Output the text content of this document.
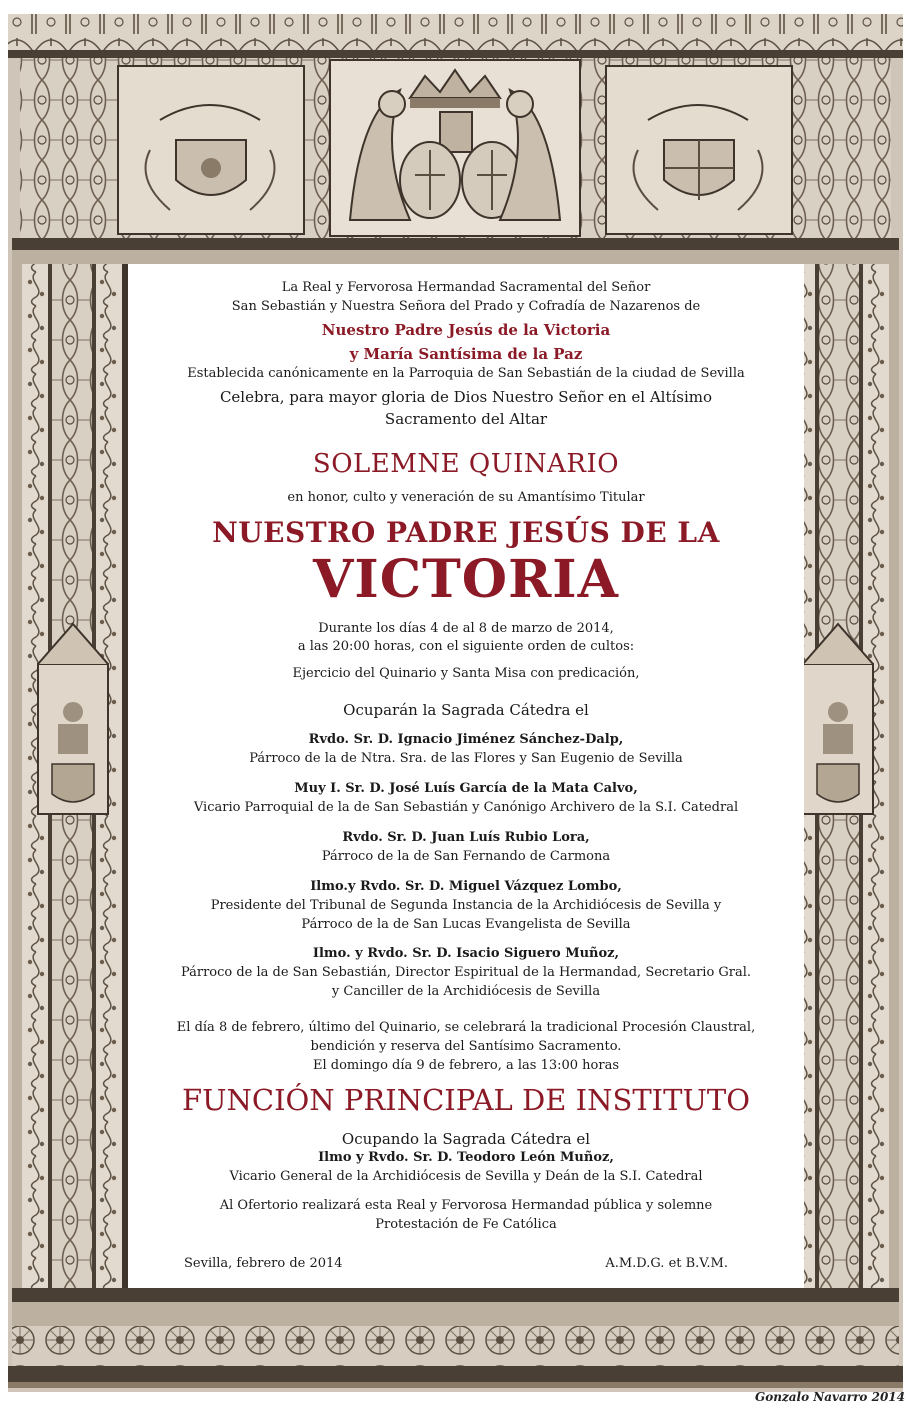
La Real y Fervorosa Hermandad Sacramental del Señor
San Sebastián y Nuestra Señora del Prado y Cofradía de Nazarenos de
Nuestro Padre Jesús de la Victoria
y María Santísima de la Paz
Establecida canónicamente en la Parroquia de San Sebastián de la ciudad de Sevilla
Celebra, para mayor gloria de Dios Nuestro Señor en el Altísimo
Sacramento del Altar
SOLEMNE QUINARIO
en honor, culto y veneración de su Amantísimo Titular
NUESTRO PADRE JESÚS DE LA
VICTORIA
Durante los días 4 de al 8 de marzo de 2014,
a las 20:00 horas, con el siguiente orden de cultos:
Ejercicio del Quinario y Santa Misa con predicación,
Ocuparán la Sagrada Cátedra el
Rvdo. Sr. D. Ignacio Jiménez Sánchez-Dalp,
Párroco de la de Ntra. Sra. de las Flores y San Eugenio de Sevilla
Muy I. Sr. D. José Luís García de la Mata Calvo,
Vicario Parroquial de la de San Sebastián y Canónigo Archivero de la S.I. Catedral
Rvdo. Sr. D. Juan Luís Rubio Lora,
Párroco de la de San Fernando de Carmona
Ilmo.y Rvdo. Sr. D. Miguel Vázquez Lombo,
Presidente del Tribunal de Segunda Instancia de la Archidiócesis de Sevilla y
Párroco de la de San Lucas Evangelista de Sevilla
Ilmo. y Rvdo. Sr. D. Isacio Siguero Muñoz,
Párroco de la de San Sebastián, Director Espiritual de la Hermandad, Secretario Gral.
y Canciller de la Archidiócesis de Sevilla
El día 8 de febrero, último del Quinario, se celebrará la tradicional Procesión Claustral,
bendición y reserva del Santísimo Sacramento.
El domingo día 9 de febrero, a las 13:00 horas
FUNCIÓN PRINCIPAL DE INSTITUTO
Ocupando la Sagrada Cátedra el
Ilmo y Rvdo. Sr. D. Teodoro León Muñoz,
Vicario General de la Archidiócesis de Sevilla y Deán de la S.I. Catedral
Al Ofertorio realizará esta Real y Fervorosa Hermandad pública y solemne
Protestación de Fe Católica
Sevilla, febrero de 2014	A.M.D.G. et B.V.M.
Gonzalo Navarro 2014
